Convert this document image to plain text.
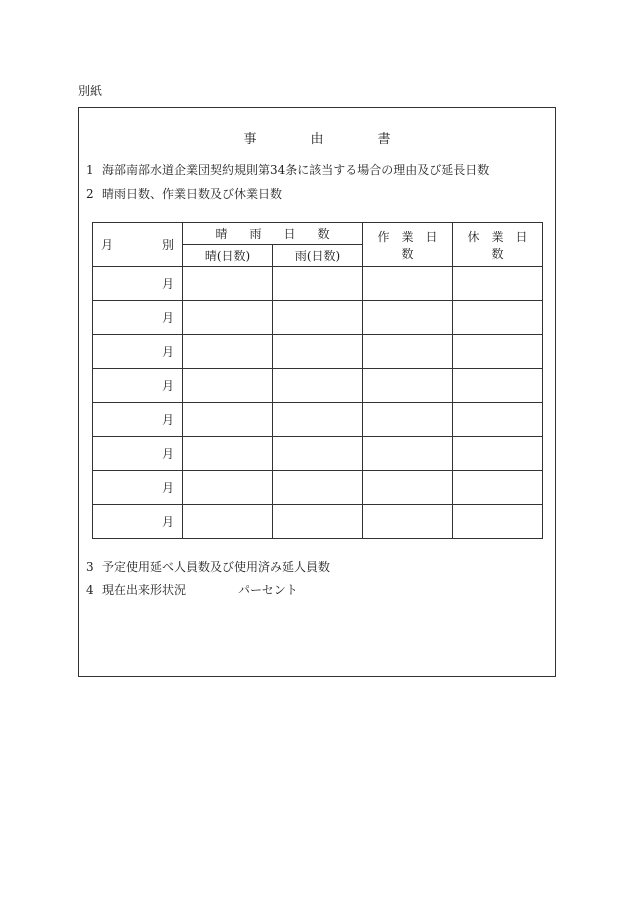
別紙
事	由	書
1 海部南部水道企業団契約規則第34条に該当する場合の理由及び延長日数
2 晴雨日数、作業日数及び休業日数
月 別	晴 雨 日 数		作 業 日数	休 業 日数
	晴(日数)	雨(日数)		
月				
月				
月				
月				
月				
月				
月				
月				
3 予定使用延べ人員数及び使用済み延人員数
4 現在出来形状況	パーセント
